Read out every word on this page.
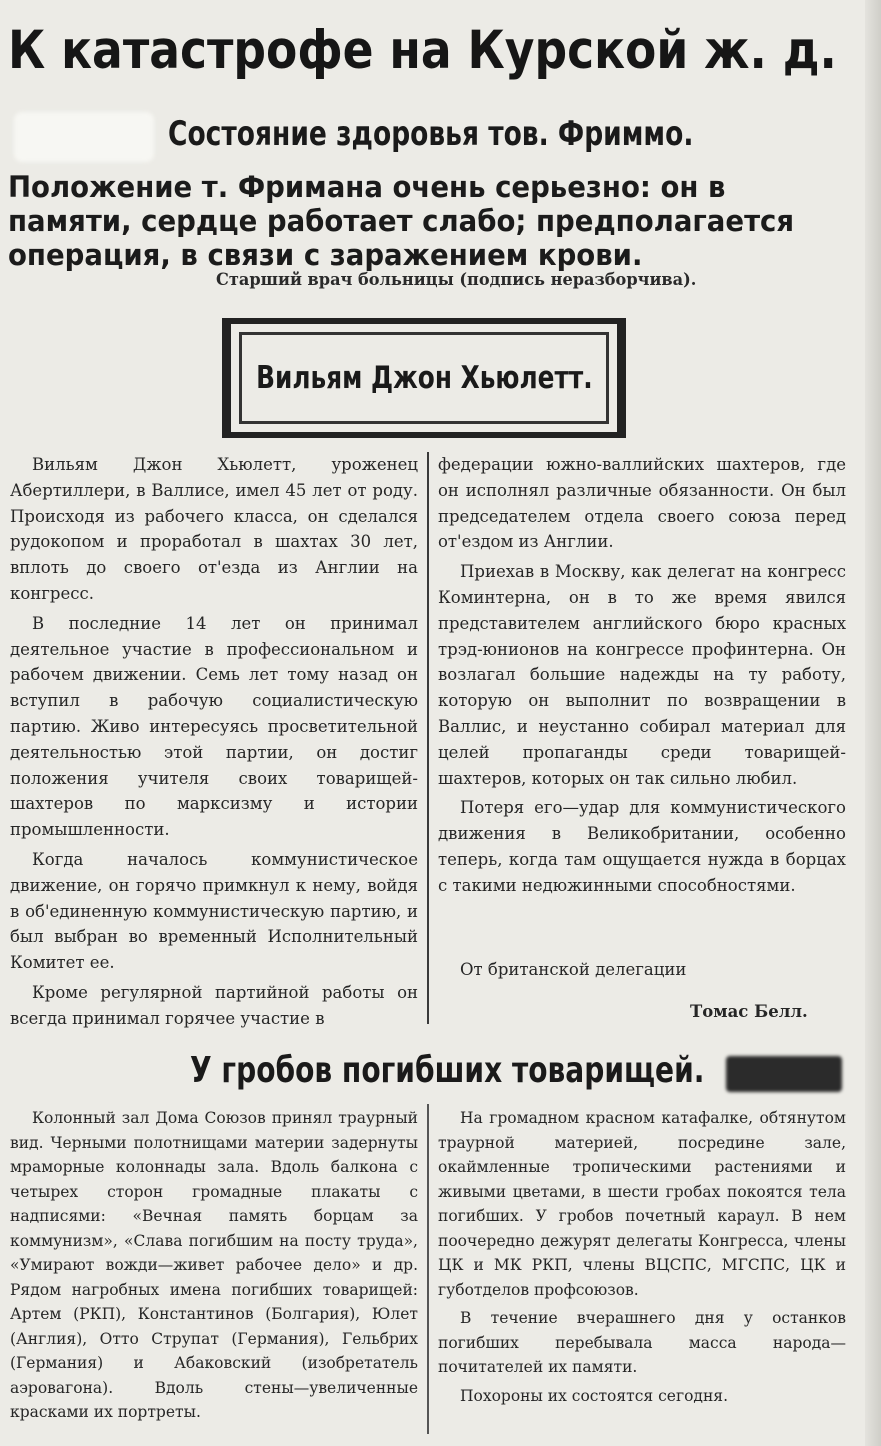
К катастрофе на Курской ж. д.
Состояние здоровья тов. Фриммо.
Положение т. Фримана очень серьезно: он в памяти, сердце работает слабо; предполагается операция, в связи с заражением крови.
Старший врач больницы (подпись неразборчива).
Вильям Джон Хьюлетт.

Вильям Джон Хьюлетт, уроженец Абертиллери, в Валлисе, имел 45 лет от роду. Происходя из рабочего класса, он сделался рудокопом и проработал в шахтах 30 лет, вплоть до своего от'езда из Англии на конгресс.

В последние 14 лет он принимал деятельное участие в профессиональном и рабочем движении. Семь лет тому назад он вступил в рабочую социалистическую партию. Живо интересуясь просветительной деятельностью этой партии, он достиг положения учителя своих товарищей-шахтеров по марксизму и истории промышленности.

Когда началось коммунистическое движение, он горячо примкнул к нему, войдя в об'единенную коммунистическую партию, и был выбран во временный Исполнительный Комитет ее.

Кроме регулярной партийной работы он всегда принимал горячее участие в

федерации южно-валлийских шахтеров, где он исполнял различные обязанности. Он был председателем отдела своего союза перед от'ездом из Англии.

Приехав в Москву, как делегат на конгресс Коминтерна, он в то же время явился представителем английского бюро красных трэд-юнионов на конгрессе профинтерна. Он возлагал большие надежды на ту работу, которую он выполнит по возвращении в Валлис, и неустанно собирал материал для целей пропаганды среди товарищей-шахтеров, которых он так сильно любил.

Потеря его—удар для коммунистического движения в Великобритании, особенно теперь, когда там ощущается нужда в борцах с такими недюжинными способностями.

От британской делегации
Томас Белл.
У гробов погибших товарищей.

Колонный зал Дома Союзов принял траурный вид. Черными полотнищами материи задернуты мраморные колоннады зала. Вдоль балкона с четырех сторон громадные плакаты с надписями: «Вечная память борцам за коммунизм», «Слава погибшим на посту труда», «Умирают вожди—живет рабочее дело» и др. Рядом нагробных имена погибших товарищей: Артем (РКП), Константинов (Болгария), Юлет (Англия), Отто Струпат (Германия), Гельбрих (Германия) и Абаковский (изобретатель аэровагона). Вдоль стены—увеличенные красками их портреты.

На громадном красном катафалке, обтянутом траурной материей, посредине зале, окаймленные тропическими растениями и живыми цветами, в шести гробах покоятся тела погибших. У гробов почетный караул. В нем поочередно дежурят делегаты Конгресса, члены ЦК и МК РКП, члены ВЦСПС, МГСПС, ЦК и губотделов профсоюзов.

В течение вчерашнего дня у останков погибших перебывала масса народа—почитателей их памяти.

Похороны их состоятся сегодня.
